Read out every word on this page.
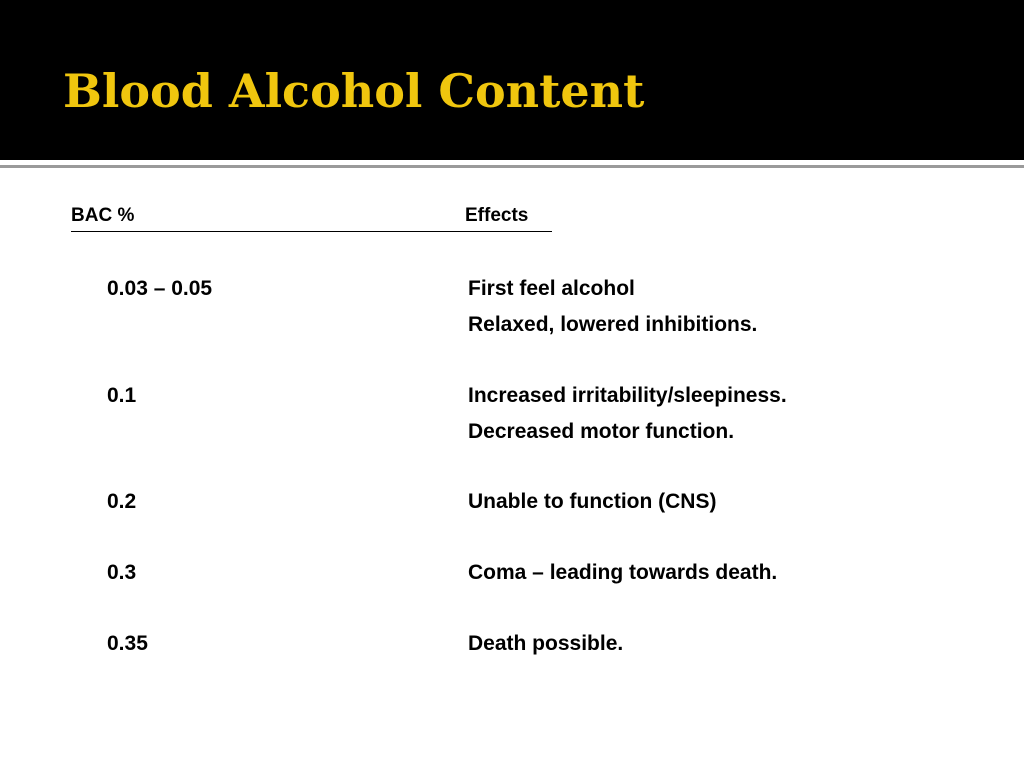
Blood Alcohol Content
BAC %	Effects
0.03 – 0.05	First feel alcohol
Relaxed, lowered inhibitions.
0.1	Increased irritability/sleepiness.
Decreased motor function.
0.2	Unable to function (CNS)
0.3	Coma – leading towards death.
0.35	Death possible.
